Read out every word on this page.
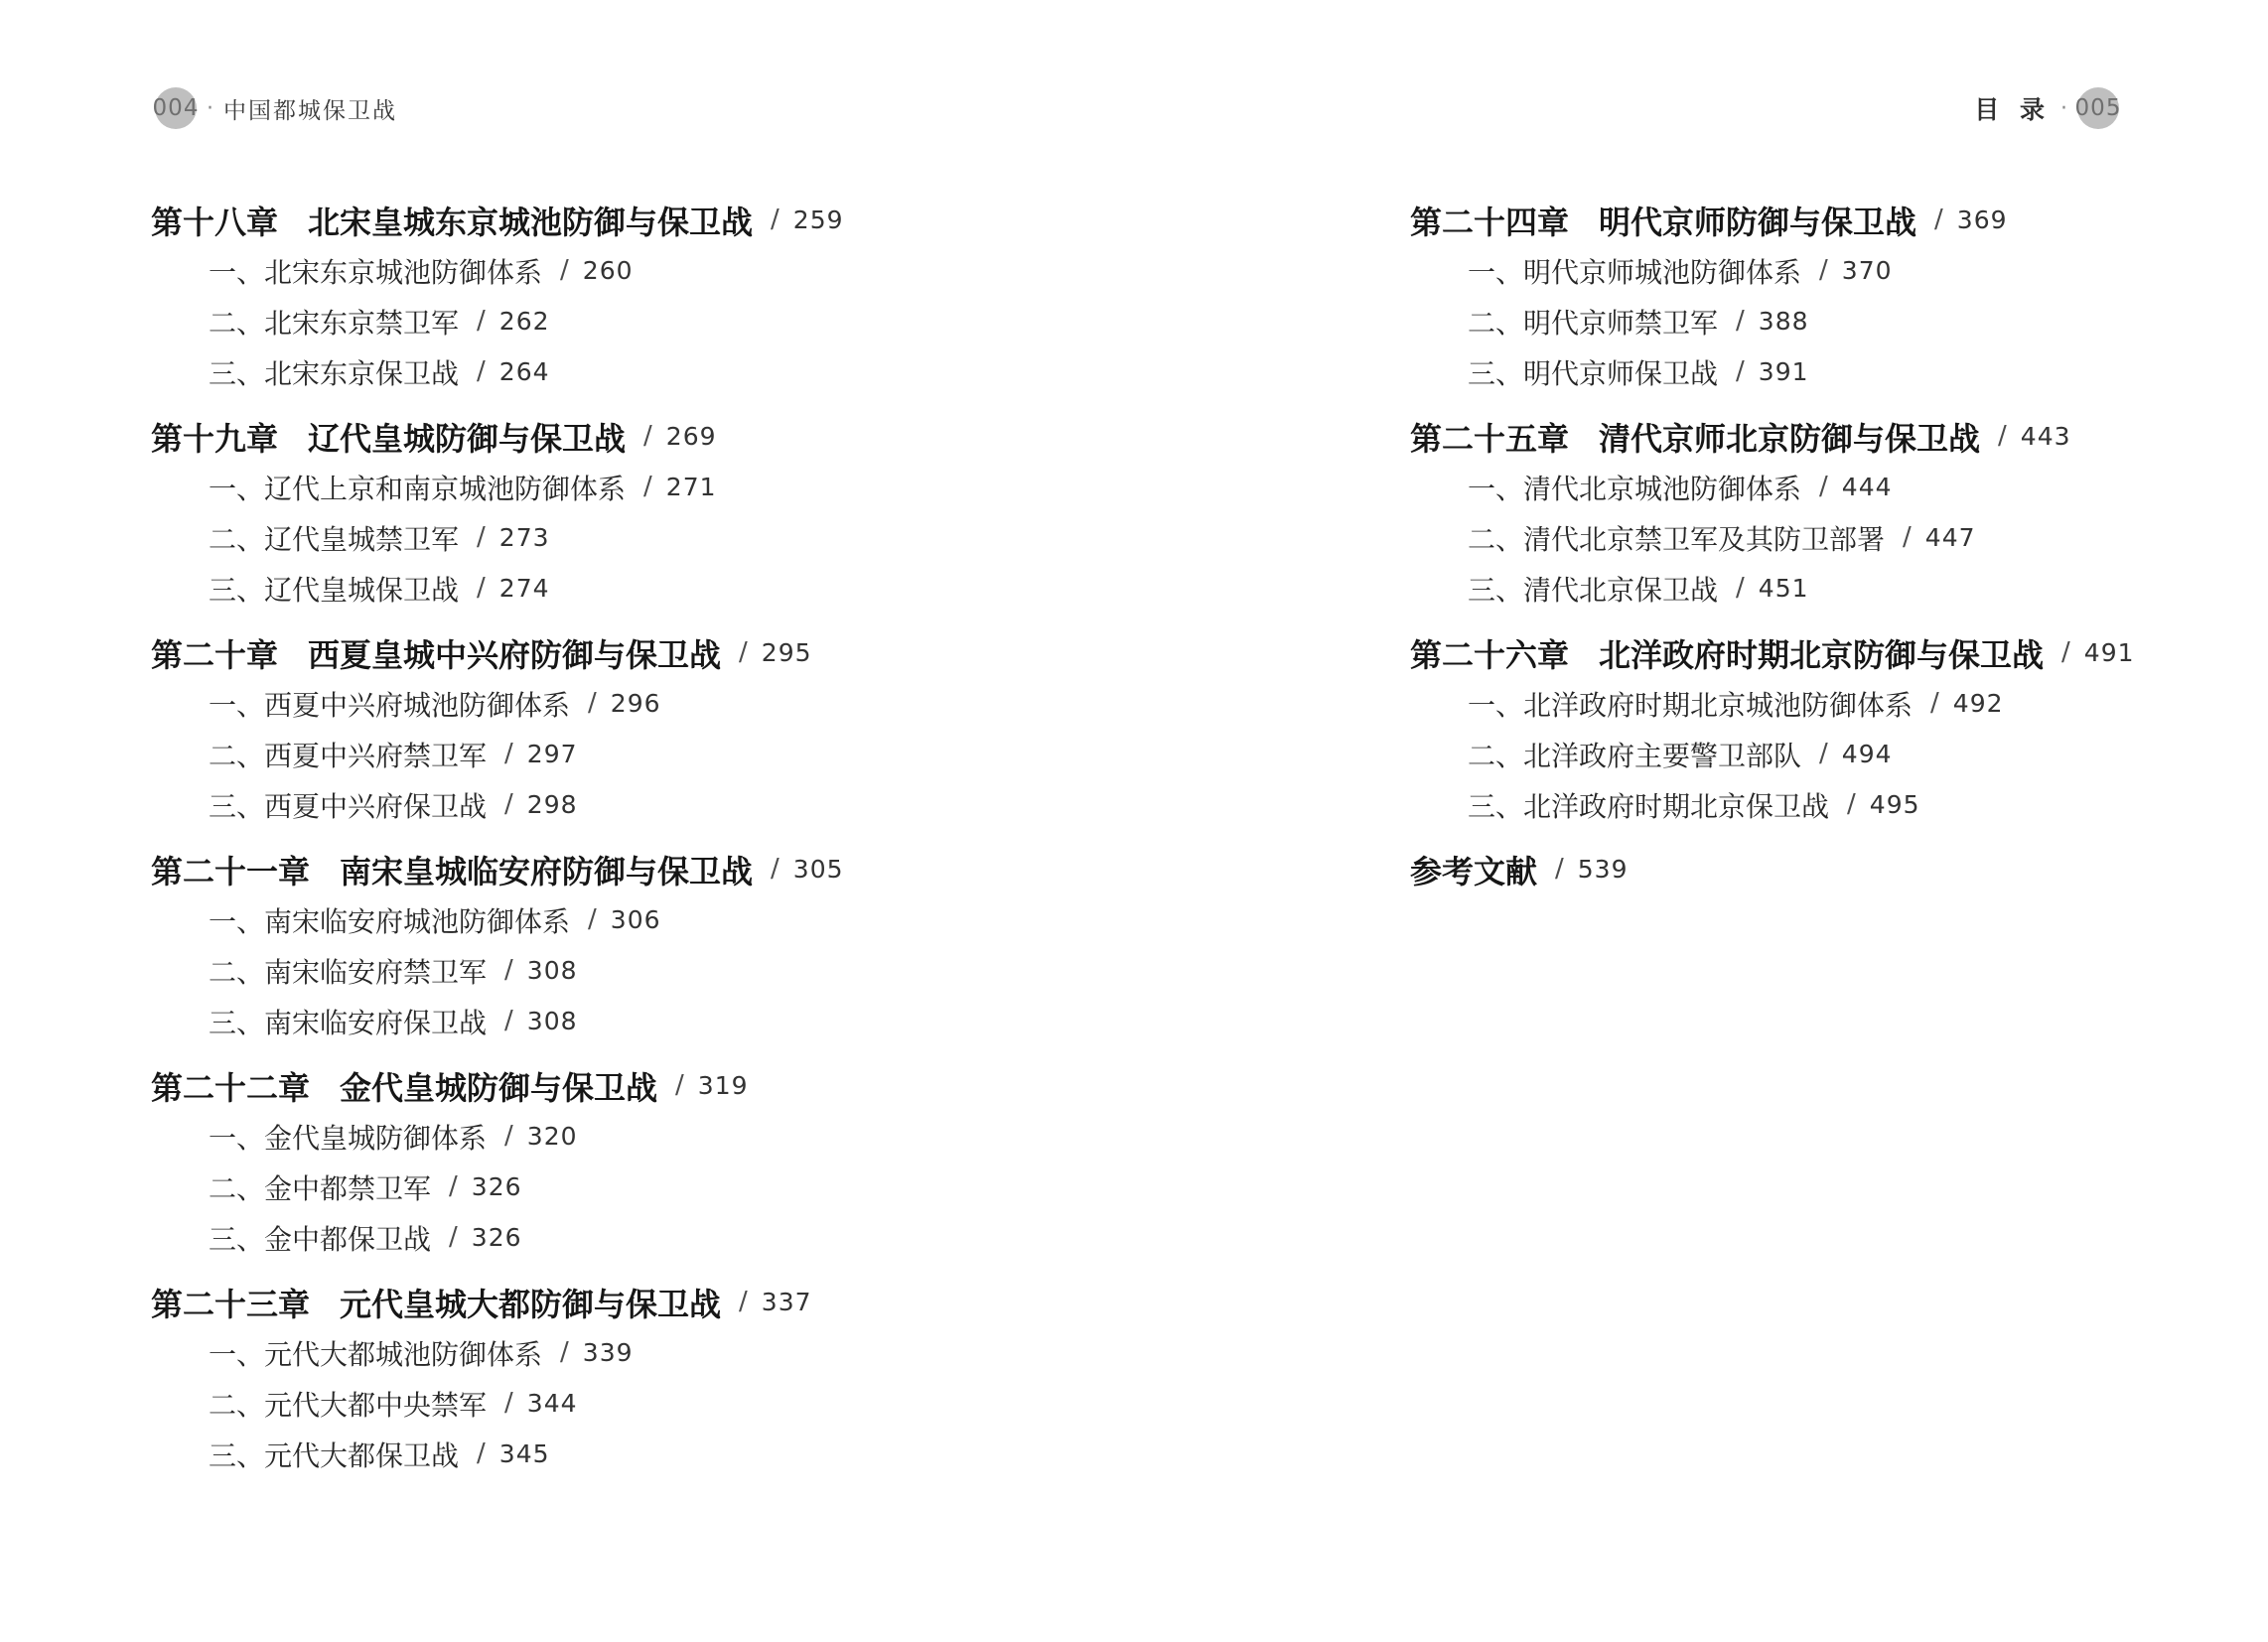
004 · 中国都城保卫战	目 录 · 005
第十八章 北宋皇城东京城池防御与保卫战 / 259
一、 北宋东京城池防御体系 / 260
二、 北宋东京禁卫军 / 262
三、 北宋东京保卫战 / 264
第十九章 辽代皇城防御与保卫战 / 269
一、 辽代上京和南京城池防御体系 / 271
二、 辽代皇城禁卫军 / 273
三、 辽代皇城保卫战 / 274
第二十章 西夏皇城中兴府防御与保卫战 / 295
一、 西夏中兴府城池防御体系 / 296
二、 西夏中兴府禁卫军 / 297
三、 西夏中兴府保卫战 / 298
第二十一章 南宋皇城临安府防御与保卫战 / 305
一、 南宋临安府城池防御体系 / 306
二、 南宋临安府禁卫军 / 308
三、 南宋临安府保卫战 / 308
第二十二章 金代皇城防御与保卫战 / 319
一、 金代皇城防御体系 / 320
二、 金中都禁卫军 / 326
三、 金中都保卫战 / 326
第二十三章 元代皇城大都防御与保卫战 / 337
一、 元代大都城池防御体系 / 339
二、 元代大都中央禁军 / 344
三、 元代大都保卫战 / 345
第二十四章 明代京师防御与保卫战 / 369
一、 明代京师城池防御体系 / 370
二、 明代京师禁卫军 / 388
三、 明代京师保卫战 / 391
第二十五章 清代京师北京防御与保卫战 / 443
一、 清代北京城池防御体系 / 444
二、 清代北京禁卫军及其防卫部署 / 447
三、 清代北京保卫战 / 451
第二十六章 北洋政府时期北京防御与保卫战 / 491
一、 北洋政府时期北京城池防御体系 / 492
二、 北洋政府主要警卫部队 / 494
三、 北洋政府时期北京保卫战 / 495
参考文献 / 539
